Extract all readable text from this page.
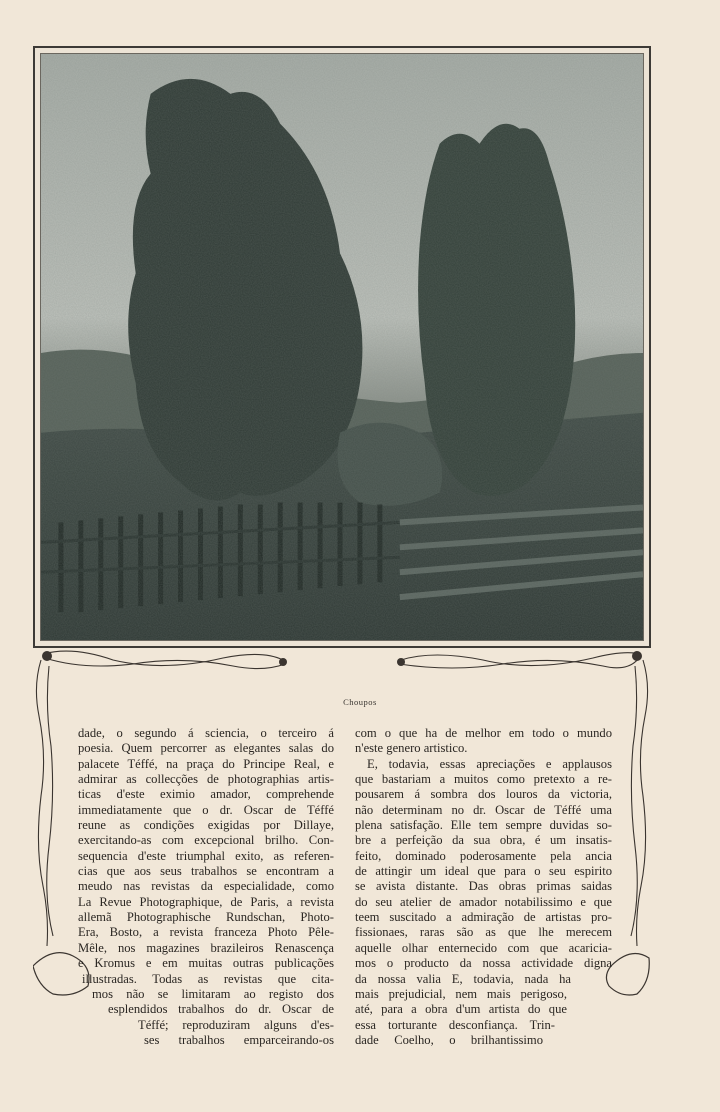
Choupos
dade, o segundo á sciencia, o terceiro á
poesia. Quem percorrer as elegantes salas do
palacete Téffé, na praça do Principe Real, e
admirar as collecções de photographias artis-
ticas d'este eximio amador, comprehende
immediatamente que o dr. Oscar de Téffé
reune as condições exigidas por Dillaye,
exercitando-as com excepcional brilho. Con-
sequencia d'este triumphal exito, as referen-
cias que aos seus trabalhos se encontram a
meudo nas revistas da especialidade, como
La Revue Photographique, de Paris, a revista
allemã Photographische Rundschan, Photo-
Era, Bosto, a revista franceza Photo Pêle-
Mêle, nos magazines brazileiros Renascença
e Kromus e em muitas outras publicações
illustradas. Todas as revistas que cita-
mos não se limitaram ao registo dos
esplendidos trabalhos do dr. Oscar de
Téffé; reproduziram alguns d'es-
ses trabalhos emparceirando-os
com o que ha de melhor em todo o mundo
n'este genero artistico.
E, todavia, essas apreciações e applausos
que bastariam a muitos como pretexto a re-
pousarem á sombra dos louros da victoria,
não determinam no dr. Oscar de Téffé uma
plena satisfação. Elle tem sempre duvidas so-
bre a perfeição da sua obra, é um insatis-
feito, dominado poderosamente pela ancia
de attingir um ideal que para o seu espirito
se avista distante. Das obras primas saidas
do seu atelier de amador notabilissimo e que
teem suscitado a admiração de artistas pro-
fissionaes, raras são as que lhe merecem
aquelle olhar enternecido com que acaricia-
mos o producto da nossa actividade digna
da nossa valia E, todavia, nada ha
mais prejudicial, nem mais perigoso,
até, para a obra d'um artista do que
essa torturante desconfiança. Trin-
dade Coelho, o brilhantissimo
